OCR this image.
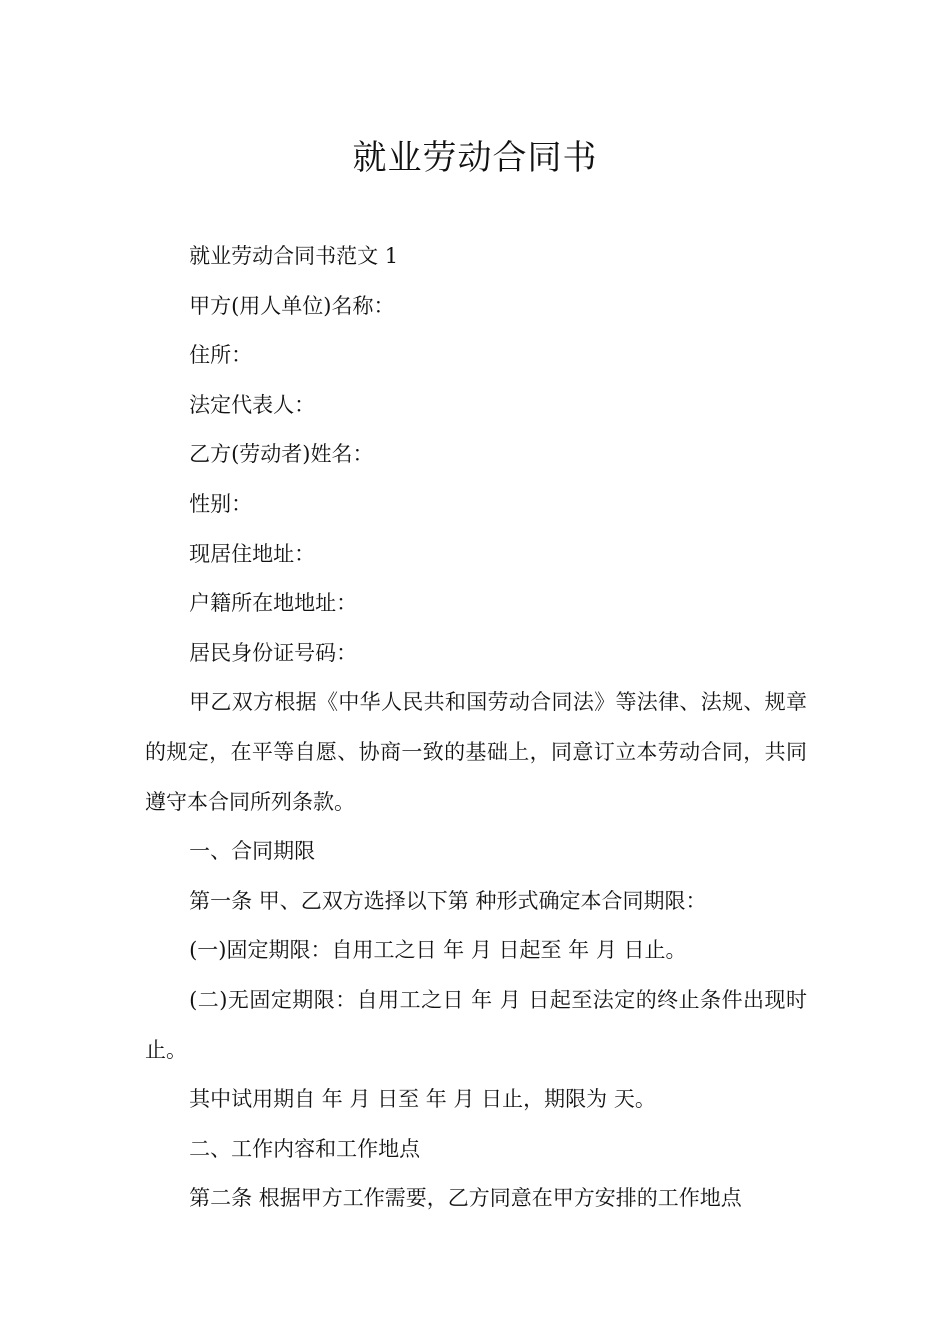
就业劳动合同书

就业劳动合同书范文 1

甲方(用人单位)名称：

住所：

法定代表人：

乙方(劳动者)姓名：

性别：

现居住地址：

户籍所在地地址：

居民身份证号码：

甲乙双方根据《中华人民共和国劳动合同法》等法律、法规、规章的规定，在平等自愿、协商一致的基础上，同意订立本劳动合同，共同遵守本合同所列条款。

一、合同期限

第一条 甲、乙双方选择以下第 种形式确定本合同期限：

(一)固定期限：自用工之日 年 月 日起至 年 月 日止。

(二)无固定期限：自用工之日 年 月 日起至法定的终止条件出现时止。

其中试用期自 年 月 日至 年 月 日止，期限为 天。

二、工作内容和工作地点

第二条 根据甲方工作需要，乙方同意在甲方安排的工作地点
